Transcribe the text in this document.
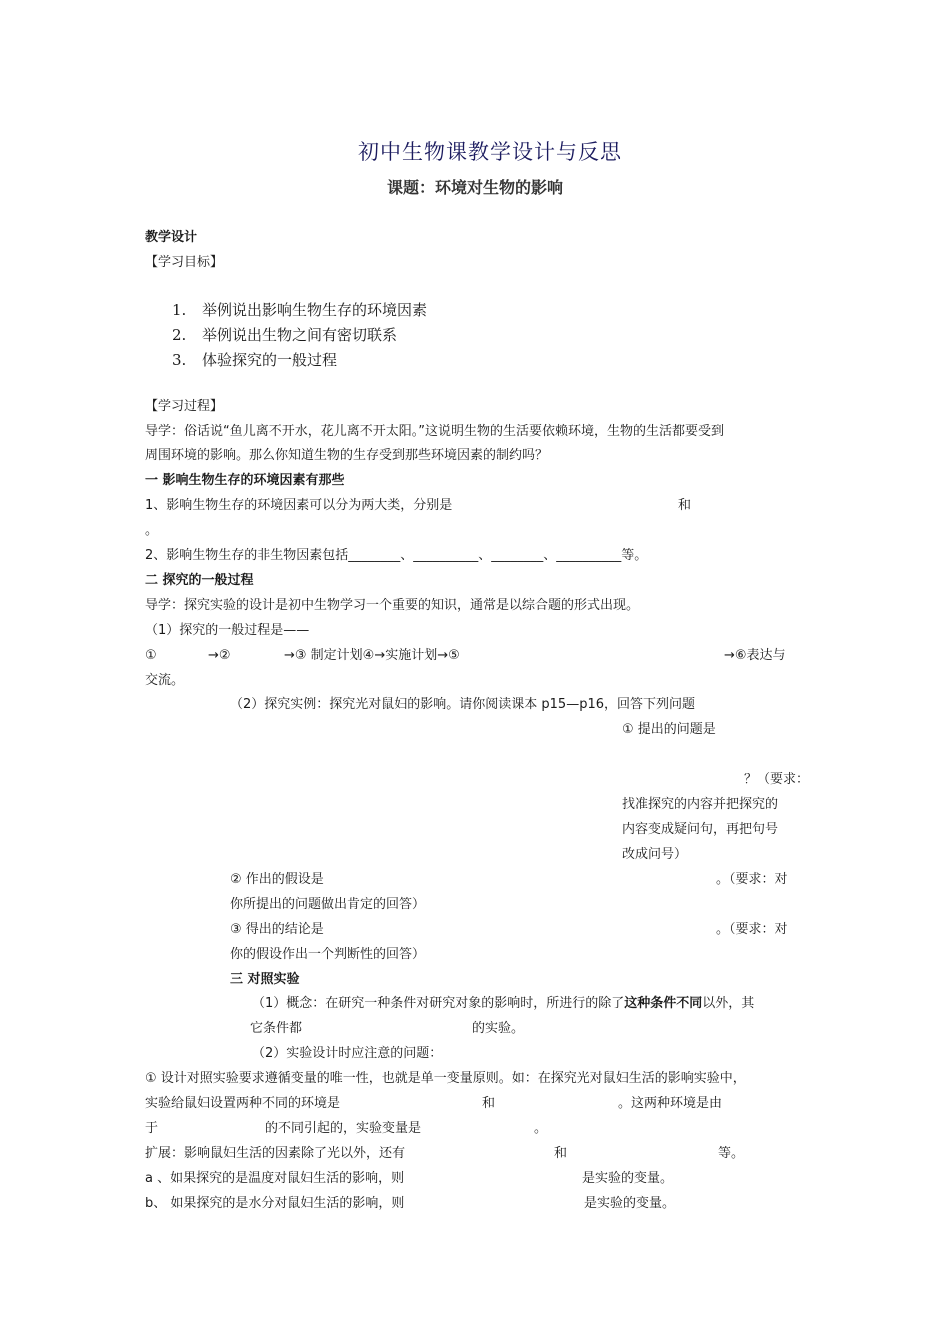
初中生物课教学设计与反思
课题：环境对生物的影响
教学设计
【学习目标】
1. 举例说出影响生物生存的环境因素
2. 举例说出生物之间有密切联系
3. 体验探究的一般过程
【学习过程】
导学：俗话说“鱼儿离不开水，花儿离不开太阳。”这说明生物的生活要依赖环境，生物的生活都要受到
周围环境的影响。那么你知道生物的生存受到那些环境因素的制约吗？
一 影响生物生存的环境因素有那些
1、影响生物生存的环境因素可以分为两大类，分别是	和
。
2、影响生物生存的非生物因素包括________、__________、________、__________等。
二 探究的一般过程
导学：探究实验的设计是初中生物学习一个重要的知识，通常是以综合题的形式出现。
（1）探究的一般过程是——
①	→②	→③ 制定计划④→实施计划→⑤	→⑥表达与
交流。
（2）探究实例：探究光对鼠妇的影响。请你阅读课本 p15—p16，回答下列问题
① 提出的问题是
？（要求：
找准探究的内容并把探究的
内容变成疑问句，再把句号
改成问号）
② 作出的假设是	。（要求：对
你所提出的问题做出肯定的回答）
③ 得出的结论是	。（要求：对
你的假设作出一个判断性的回答）
三 对照实验
（1）概念：在研究一种条件对研究对象的影响时，所进行的除了这种条件不同以外，其
它条件都	的实验。
（2）实验设计时应注意的问题：
① 设计对照实验要求遵循变量的唯一性，也就是单一变量原则。如：在探究光对鼠妇生活的影响实验中，
实验给鼠妇设置两种不同的环境是	和	。这两种环境是由
于	的不同引起的，实验变量是	。
扩展：影响鼠妇生活的因素除了光以外，还有	和	等。
a 、如果探究的是温度对鼠妇生活的影响，则	是实验的变量。
b、 如果探究的是水分对鼠妇生活的影响，则	是实验的变量。
